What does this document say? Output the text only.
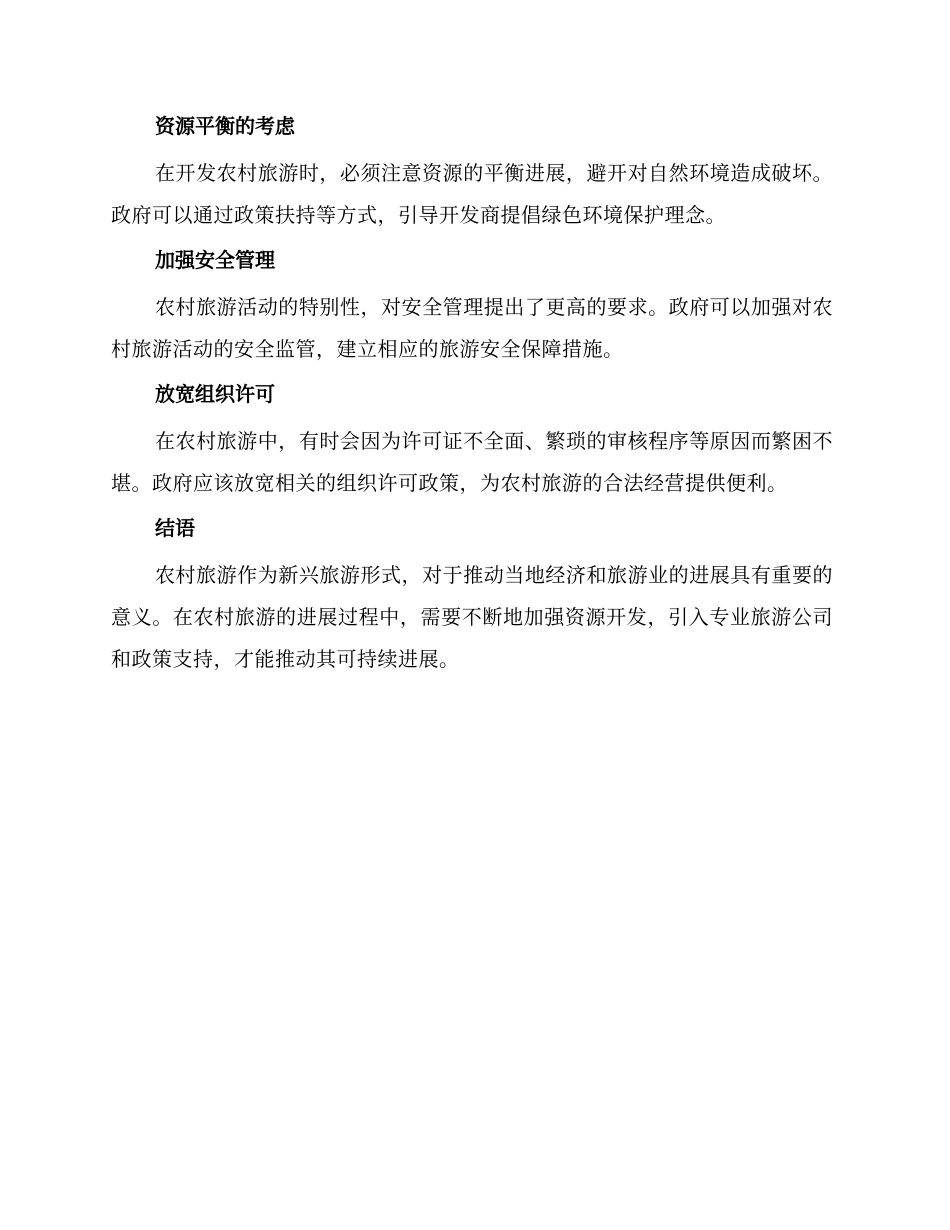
资源平衡的考虑

在开发农村旅游时，必须注意资源的平衡进展，避开对自然环境造成破坏。政府可以通过政策扶持等方式，引导开发商提倡绿色环境保护理念。

加强安全管理

农村旅游活动的特别性，对安全管理提出了更高的要求。政府可以加强对农村旅游活动的安全监管，建立相应的旅游安全保障措施。

放宽组织许可

在农村旅游中，有时会因为许可证不全面、繁琐的审核程序等原因而繁困不堪。政府应该放宽相关的组织许可政策，为农村旅游的合法经营提供便利。

结语

农村旅游作为新兴旅游形式，对于推动当地经济和旅游业的进展具有重要的意义。在农村旅游的进展过程中，需要不断地加强资源开发，引入专业旅游公司和政策支持，才能推动其可持续进展。
